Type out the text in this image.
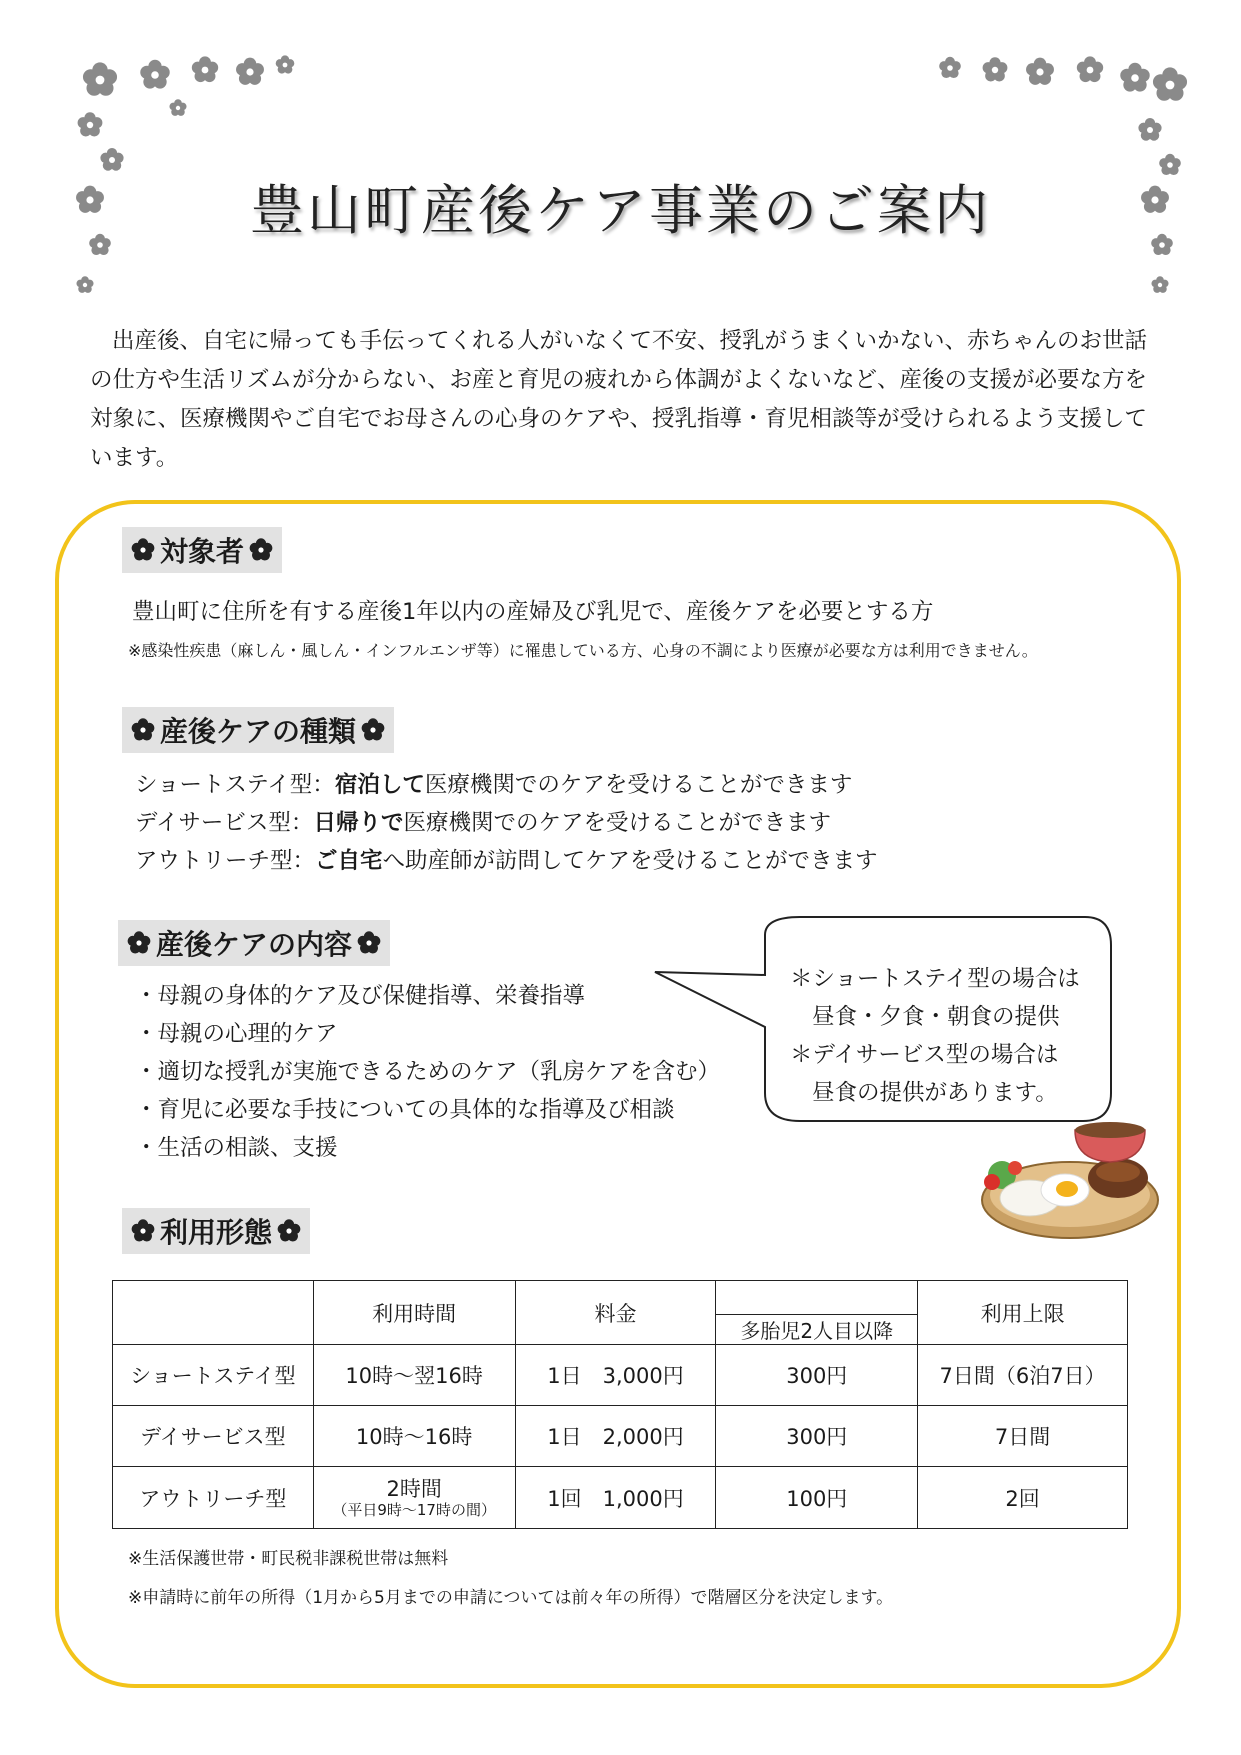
豊山町産後ケア事業のご案内

出産後、自宅に帰っても手伝ってくれる人がいなくて不安、授乳がうまくいかない、赤ちゃんのお世話の仕方や生活リズムが分からない、お産と育児の疲れから体調がよくないなど、産後の支援が必要な方を対象に、医療機関やご自宅でお母さんの心身のケアや、授乳指導・育児相談等が受けられるよう支援しています。

対象者
豊山町に住所を有する産後1年以内の産婦及び乳児で、産後ケアを必要とする方
※感染性疾患（麻しん・風しん・インフルエンザ等）に罹患している方、心身の不調により医療が必要な方は利用できません。
産後ケアの種類
ショートステイ型：宿泊して医療機関でのケアを受けることができます
デイサービス型：日帰りで医療機関でのケアを受けることができます
アウトリーチ型：ご自宅へ助産師が訪問してケアを受けることができます
産後ケアの内容
・母親の身体的ケア及び保健指導、栄養指導
・母親の心理的ケア
・適切な授乳が実施できるためのケア（乳房ケアを含む）
・育児に必要な手技についての具体的な指導及び相談
・生活の相談、支援
＊ショートステイ型の場合は
昼食・夕食・朝食の提供
＊デイサービス型の場合は
昼食の提供があります。
利用形態
	利用時間	料金		利用上限
			多胎児2人目以降	
ショートステイ型	10時～翌16時	1日　3,000円	300円	7日間（6泊7日）
デイサービス型	10時～16時	1日　2,000円	300円	7日間
アウトリーチ型	2時間
（平日9時～17時の間）	1回　1,000円	100円	2回
※生活保護世帯・町民税非課税世帯は無料
※申請時に前年の所得（1月から5月までの申請については前々年の所得）で階層区分を決定します。
